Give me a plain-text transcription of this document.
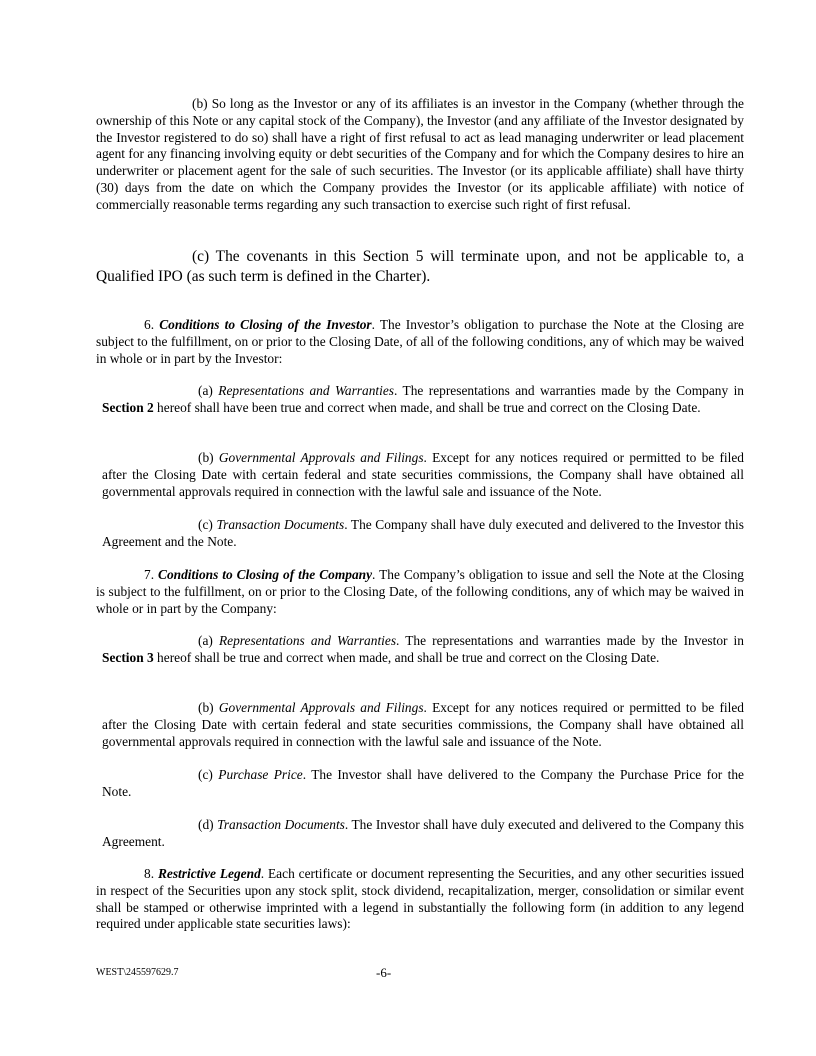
(b) So long as the Investor or any of its affiliates is an investor in the Company (whether through the ownership of this Note or any capital stock of the Company), the Investor (and any affiliate of the Investor designated by the Investor registered to do so) shall have a right of first refusal to act as lead managing underwriter or lead placement agent for any financing involving equity or debt securities of the Company and for which the Company desires to hire an underwriter or placement agent for the sale of such securities. The Investor (or its applicable affiliate) shall have thirty (30) days from the date on which the Company provides the Investor (or its applicable affiliate) with notice of commercially reasonable terms regarding any such transaction to exercise such right of first refusal.
(c) The covenants in this Section 5 will terminate upon, and not be applicable to, a Qualified IPO (as such term is defined in the Charter).
6. Conditions to Closing of the Investor. The Investor’s obligation to purchase the Note at the Closing are subject to the fulfillment, on or prior to the Closing Date, of all of the following conditions, any of which may be waived in whole or in part by the Investor:
(a) Representations and Warranties. The representations and warranties made by the Company in Section 2 hereof shall have been true and correct when made, and shall be true and correct on the Closing Date.
(b) Governmental Approvals and Filings. Except for any notices required or permitted to be filed after the Closing Date with certain federal and state securities commissions, the Company shall have obtained all governmental approvals required in connection with the lawful sale and issuance of the Note.
(c) Transaction Documents. The Company shall have duly executed and delivered to the Investor this Agreement and the Note.
7. Conditions to Closing of the Company. The Company’s obligation to issue and sell the Note at the Closing is subject to the fulfillment, on or prior to the Closing Date, of the following conditions, any of which may be waived in whole or in part by the Company:
(a) Representations and Warranties. The representations and warranties made by the Investor in Section 3 hereof shall be true and correct when made, and shall be true and correct on the Closing Date.
(b) Governmental Approvals and Filings. Except for any notices required or permitted to be filed after the Closing Date with certain federal and state securities commissions, the Company shall have obtained all governmental approvals required in connection with the lawful sale and issuance of the Note.
(c) Purchase Price. The Investor shall have delivered to the Company the Purchase Price for the Note.
(d) Transaction Documents. The Investor shall have duly executed and delivered to the Company this Agreement.
8. Restrictive Legend. Each certificate or document representing the Securities, and any other securities issued in respect of the Securities upon any stock split, stock dividend, recapitalization, merger, consolidation or similar event shall be stamped or otherwise imprinted with a legend in substantially the following form (in addition to any legend required under applicable state securities laws):
WEST\245597629.7	-6-
